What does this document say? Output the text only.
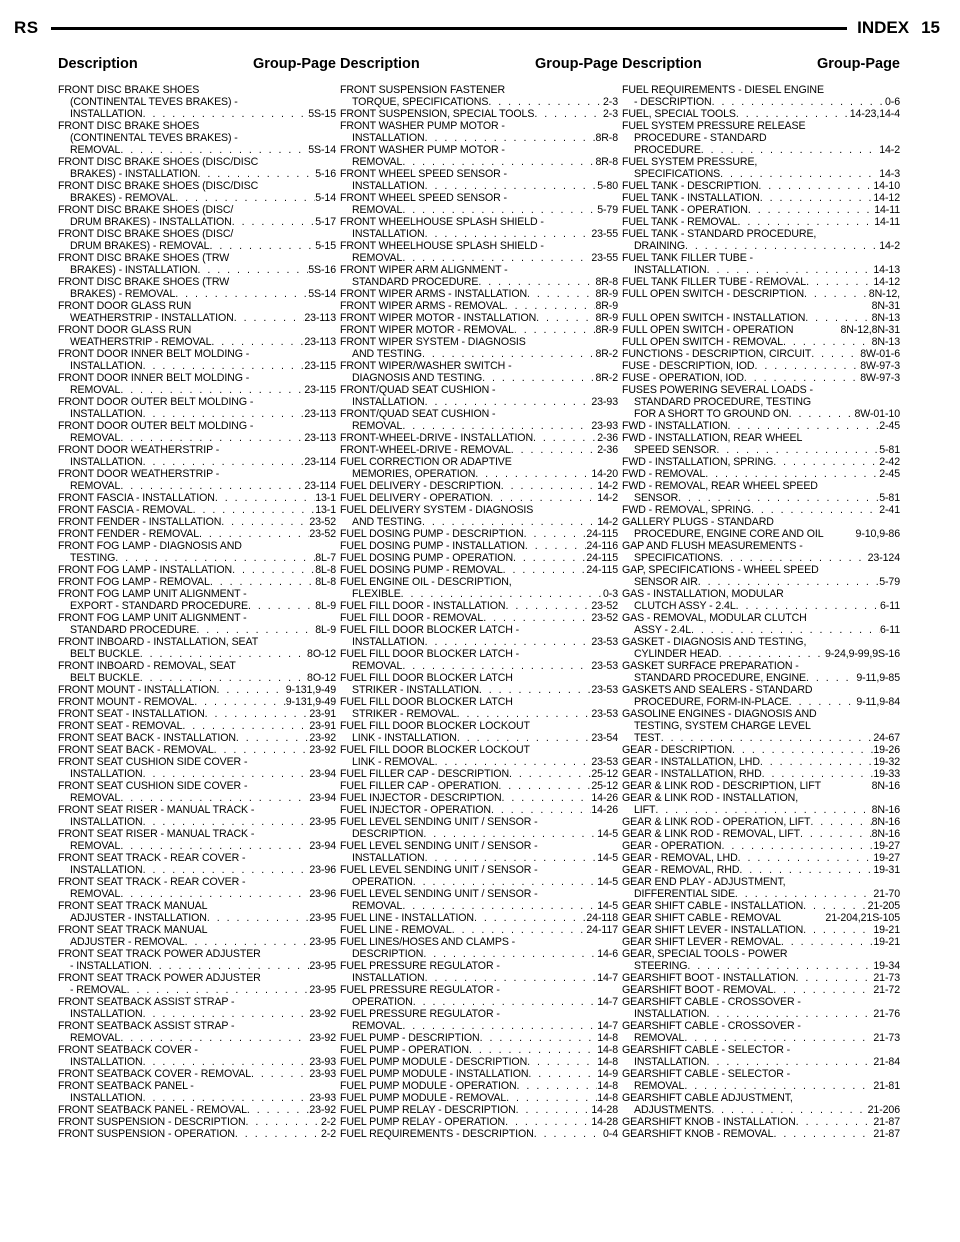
RS	INDEX 15
Description	Group-Page
FRONT DISC BRAKE SHOES
(CONTINENTAL TEVES BRAKES) -
INSTALLATION . . .	5S-15
FRONT DISC BRAKE SHOES
(CONTINENTAL TEVES BRAKES) -
REMOVAL . . .	5S-14
FRONT DISC BRAKE SHOES (DISC/DISC
BRAKES) - INSTALLATION . . .	5-16
FRONT DISC BRAKE SHOES (DISC/DISC
BRAKES) - REMOVAL . . .	5-14
FRONT DISC BRAKE SHOES (DISC/
DRUM BRAKES) - INSTALLATION . . .	5-17
FRONT DISC BRAKE SHOES (DISC/
DRUM BRAKES) - REMOVAL . . .	5-15
FRONT DISC BRAKE SHOES (TRW
BRAKES) - INSTALLATION . . .	5S-16
FRONT DISC BRAKE SHOES (TRW
BRAKES) - REMOVAL . . .	5S-14
FRONT DOOR GLASS RUN
WEATHERSTRIP - INSTALLATION . . .	23-113
FRONT DOOR GLASS RUN
WEATHERSTRIP - REMOVAL . . .	23-113
FRONT DOOR INNER BELT MOLDING -
INSTALLATION . . .	23-115
FRONT DOOR INNER BELT MOLDING -
REMOVAL . . .	23-115
FRONT DOOR OUTER BELT MOLDING -
INSTALLATION . . .	23-113
FRONT DOOR OUTER BELT MOLDING -
REMOVAL . . .	23-113
FRONT DOOR WEATHERSTRIP -
INSTALLATION . . .	23-114
FRONT DOOR WEATHERSTRIP -
REMOVAL . . .	23-114
FRONT FASCIA - INSTALLATION . . .	13-1
FRONT FASCIA - REMOVAL . . .	13-1
FRONT FENDER - INSTALLATION . . .	23-52
FRONT FENDER - REMOVAL . . .	23-52
FRONT FOG LAMP - DIAGNOSIS AND
TESTING . . .	8L-7
FRONT FOG LAMP - INSTALLATION . . .	8L-8
FRONT FOG LAMP - REMOVAL . . .	8L-8
FRONT FOG LAMP UNIT ALIGNMENT -
EXPORT - STANDARD PROCEDURE . . .	8L-9
FRONT FOG LAMP UNIT ALIGNMENT -
STANDARD PROCEDURE . . .	8L-9
FRONT INBOARD - INSTALLATION, SEAT
BELT BUCKLE . . .	8O-12
FRONT INBOARD - REMOVAL, SEAT
BELT BUCKLE . . .	8O-12
FRONT MOUNT - INSTALLATION . . .	9-131,9-49
FRONT MOUNT - REMOVAL . . .	9-131,9-49
FRONT SEAT - INSTALLATION . . .	23-91
FRONT SEAT - REMOVAL . . .	23-91
FRONT SEAT BACK - INSTALLATION . . .	23-92
FRONT SEAT BACK - REMOVAL . . .	23-92
FRONT SEAT CUSHION SIDE COVER -
INSTALLATION . . .	23-94
FRONT SEAT CUSHION SIDE COVER -
REMOVAL . . .	23-94
FRONT SEAT RISER - MANUAL TRACK -
INSTALLATION . . .	23-95
FRONT SEAT RISER - MANUAL TRACK -
REMOVAL . . .	23-94
FRONT SEAT TRACK - REAR COVER -
INSTALLATION . . .	23-96
FRONT SEAT TRACK - REAR COVER -
REMOVAL . . .	23-96
FRONT SEAT TRACK MANUAL
ADJUSTER - INSTALLATION . . .	23-95
FRONT SEAT TRACK MANUAL
ADJUSTER - REMOVAL . . .	23-95
FRONT SEAT TRACK POWER ADJUSTER
- INSTALLATION . . .	23-95
FRONT SEAT TRACK POWER ADJUSTER
- REMOVAL . . .	23-95
FRONT SEATBACK ASSIST STRAP -
INSTALLATION . . .	23-92
FRONT SEATBACK ASSIST STRAP -
REMOVAL . . .	23-92
FRONT SEATBACK COVER -
INSTALLATION . . .	23-93
FRONT SEATBACK COVER - REMOVAL . . .	23-93
FRONT SEATBACK PANEL -
INSTALLATION . . .	23-93
FRONT SEATBACK PANEL - REMOVAL . . .	23-92
FRONT SUSPENSION - DESCRIPTION . . .	2-2
FRONT SUSPENSION - OPERATION . . .	2-2
Description	Group-Page
FRONT SUSPENSION FASTENER
TORQUE, SPECIFICATIONS . . .	2-3
FRONT SUSPENSION, SPECIAL TOOLS . . .	2-3
FRONT WASHER PUMP MOTOR -
INSTALLATION . . .	8R-8
FRONT WASHER PUMP MOTOR -
REMOVAL . . .	8R-8
FRONT WHEEL SPEED SENSOR -
INSTALLATION . . .	5-80
FRONT WHEEL SPEED SENSOR -
REMOVAL . . .	5-79
FRONT WHEELHOUSE SPLASH SHIELD -
INSTALLATION . . .	23-55
FRONT WHEELHOUSE SPLASH SHIELD -
REMOVAL . . .	23-55
FRONT WIPER ARM ALIGNMENT -
STANDARD PROCEDURE . . .	8R-8
FRONT WIPER ARMS - INSTALLATION . . .	8R-9
FRONT WIPER ARMS - REMOVAL . . .	8R-9
FRONT WIPER MOTOR - INSTALLATION . . .	8R-9
FRONT WIPER MOTOR - REMOVAL . . .	8R-9
FRONT WIPER SYSTEM - DIAGNOSIS
AND TESTING . . .	8R-2
FRONT WIPER/WASHER SWITCH -
DIAGNOSIS AND TESTING . . .	8R-2
FRONT/QUAD SEAT CUSHION -
INSTALLATION . . .	23-93
FRONT/QUAD SEAT CUSHION -
REMOVAL . . .	23-93
FRONT-WHEEL-DRIVE - INSTALLATION . . .	2-36
FRONT-WHEEL-DRIVE - REMOVAL . . .	2-36
FUEL CORRECTION OR ADAPTIVE
MEMORIES, OPERATION . . .	14-20
FUEL DELIVERY - DESCRIPTION . . .	14-2
FUEL DELIVERY - OPERATION . . .	14-2
FUEL DELIVERY SYSTEM - DIAGNOSIS
AND TESTING . . .	14-2
FUEL DOSING PUMP - DESCRIPTION . . .	24-115
FUEL DOSING PUMP - INSTALLATION . . .	24-116
FUEL DOSING PUMP - OPERATION . . .	24-115
FUEL DOSING PUMP - REMOVAL . . .	24-115
FUEL ENGINE OIL - DESCRIPTION,
FLEXIBLE . . .	0-3
FUEL FILL DOOR - INSTALLATION . . .	23-52
FUEL FILL DOOR - REMOVAL . . .	23-52
FUEL FILL DOOR BLOCKER LATCH -
INSTALLATION . . .	23-53
FUEL FILL DOOR BLOCKER LATCH -
REMOVAL . . .	23-53
FUEL FILL DOOR BLOCKER LATCH
STRIKER - INSTALLATION . . .	23-53
FUEL FILL DOOR BLOCKER LATCH
STRIKER - REMOVAL . . .	23-53
FUEL FILL DOOR BLOCKER LOCKOUT
LINK - INSTALLATION . . .	23-54
FUEL FILL DOOR BLOCKER LOCKOUT
LINK - REMOVAL . . .	23-53
FUEL FILLER CAP - DESCRIPTION . . .	25-12
FUEL FILLER CAP - OPERATION . . .	25-12
FUEL INJECTOR - DESCRIPTION . . .	14-26
FUEL INJECTOR - OPERATION . . .	14-26
FUEL LEVEL SENDING UNIT / SENSOR -
DESCRIPTION . . .	14-5
FUEL LEVEL SENDING UNIT / SENSOR -
INSTALLATION . . .	14-5
FUEL LEVEL SENDING UNIT / SENSOR -
OPERATION . . .	14-5
FUEL LEVEL SENDING UNIT / SENSOR -
REMOVAL . . .	14-5
FUEL LINE - INSTALLATION . . .	24-118
FUEL LINE - REMOVAL . . .	24-117
FUEL LINES/HOSES AND CLAMPS -
DESCRIPTION . . .	14-6
FUEL PRESSURE REGULATOR -
INSTALLATION . . .	14-7
FUEL PRESSURE REGULATOR -
OPERATION . . .	14-7
FUEL PRESSURE REGULATOR -
REMOVAL . . .	14-7
FUEL PUMP - DESCRIPTION . . .	14-8
FUEL PUMP - OPERATION . . .	14-8
FUEL PUMP MODULE - DESCRIPTION . . .	14-8
FUEL PUMP MODULE - INSTALLATION . . .	14-9
FUEL PUMP MODULE - OPERATION . . .	14-8
FUEL PUMP MODULE - REMOVAL . . .	14-8
FUEL PUMP RELAY - DESCRIPTION . . .	14-28
FUEL PUMP RELAY - OPERATION . . .	14-28
FUEL REQUIREMENTS - DESCRIPTION . . .	0-4
Description	Group-Page
FUEL REQUIREMENTS - DIESEL ENGINE
- DESCRIPTION . . .	0-6
FUEL, SPECIAL TOOLS . . .	14-23,14-4
FUEL SYSTEM PRESSURE RELEASE
PROCEDURE - STANDARD
PROCEDURE . . .	14-2
FUEL SYSTEM PRESSURE,
SPECIFICATIONS . . .	14-3
FUEL TANK - DESCRIPTION . . .	14-10
FUEL TANK - INSTALLATION . . .	14-12
FUEL TANK - OPERATION . . .	14-11
FUEL TANK - REMOVAL . . .	14-11
FUEL TANK - STANDARD PROCEDURE,
DRAINING . . .	14-2
FUEL TANK FILLER TUBE -
INSTALLATION . . .	14-13
FUEL TANK FILLER TUBE - REMOVAL . . .	14-12
FULL OPEN SWITCH - DESCRIPTION . . .	8N-12,
8N-31
FULL OPEN SWITCH - INSTALLATION . . .	8N-13
FULL OPEN SWITCH - OPERATION	8N-12,8N-31
FULL OPEN SWITCH - REMOVAL . . .	8N-13
FUNCTIONS - DESCRIPTION, CIRCUIT . . .	8W-01-6
FUSE - DESCRIPTION, IOD . . .	8W-97-3
FUSE - OPERATION, IOD . . .	8W-97-3
FUSES POWERING SEVERAL LOADS -
STANDARD PROCEDURE, TESTING
FOR A SHORT TO GROUND ON . . .	8W-01-10
FWD - INSTALLATION . . .	2-45
FWD - INSTALLATION, REAR WHEEL
SPEED SENSOR . . .	5-81
FWD - INSTALLATION, SPRING . . .	2-42
FWD - REMOVAL . . .	2-45
FWD - REMOVAL, REAR WHEEL SPEED
SENSOR . . .	5-81
FWD - REMOVAL, SPRING . . .	2-41
GALLERY PLUGS - STANDARD
PROCEDURE, ENGINE CORE AND OIL	9-10,9-86
GAP AND FLUSH MEASUREMENTS -
SPECIFICATIONS . . .	23-124
GAP, SPECIFICATIONS - WHEEL SPEED
SENSOR AIR . . .	5-79
GAS - INSTALLATION, MODULAR
CLUTCH ASSY - 2.4L . . .	6-11
GAS - REMOVAL, MODULAR CLUTCH
ASSY - 2.4L . . .	6-11
GASKET - DIAGNOSIS AND TESTING,
CYLINDER HEAD . . .	9-24,9-99,9S-16
GASKET SURFACE PREPARATION -
STANDARD PROCEDURE, ENGINE . . .	9-11,9-85
GASKETS AND SEALERS - STANDARD
PROCEDURE, FORM-IN-PLACE . . .	9-11,9-84
GASOLINE ENGINES - DIAGNOSIS AND
TESTING, SYSTEM CHARGE LEVEL
TEST . . .	24-67
GEAR - DESCRIPTION . . .	19-26
GEAR - INSTALLATION, LHD . . .	19-32
GEAR - INSTALLATION, RHD . . .	19-33
GEAR & LINK ROD - DESCRIPTION, LIFT	8N-16
GEAR & LINK ROD - INSTALLATION,
LIFT . . .	8N-16
GEAR & LINK ROD - OPERATION, LIFT . . .	8N-16
GEAR & LINK ROD - REMOVAL, LIFT . . .	8N-16
GEAR - OPERATION . . .	19-27
GEAR - REMOVAL, LHD . . .	19-27
GEAR - REMOVAL, RHD . . .	19-31
GEAR END PLAY - ADJUSTMENT,
DIFFERENTIAL SIDE . . .	21-70
GEAR SHIFT CABLE - INSTALLATION . . .	21-205
GEAR SHIFT CABLE - REMOVAL	21-204,21S-105
GEAR SHIFT LEVER - INSTALLATION . . .	19-21
GEAR SHIFT LEVER - REMOVAL . . .	19-21
GEAR, SPECIAL TOOLS - POWER
STEERING . . .	19-34
GEARSHIFT BOOT - INSTALLATION . . .	21-73
GEARSHIFT BOOT - REMOVAL . . .	21-72
GEARSHIFT CABLE - CROSSOVER -
INSTALLATION . . .	21-76
GEARSHIFT CABLE - CROSSOVER -
REMOVAL . . .	21-73
GEARSHIFT CABLE - SELECTOR -
INSTALLATION . . .	21-84
GEARSHIFT CABLE - SELECTOR -
REMOVAL . . .	21-81
GEARSHIFT CABLE ADJUSTMENT,
ADJUSTMENTS . . .	21-206
GEARSHIFT KNOB - INSTALLATION . . .	21-87
GEARSHIFT KNOB - REMOVAL . . .	21-87
